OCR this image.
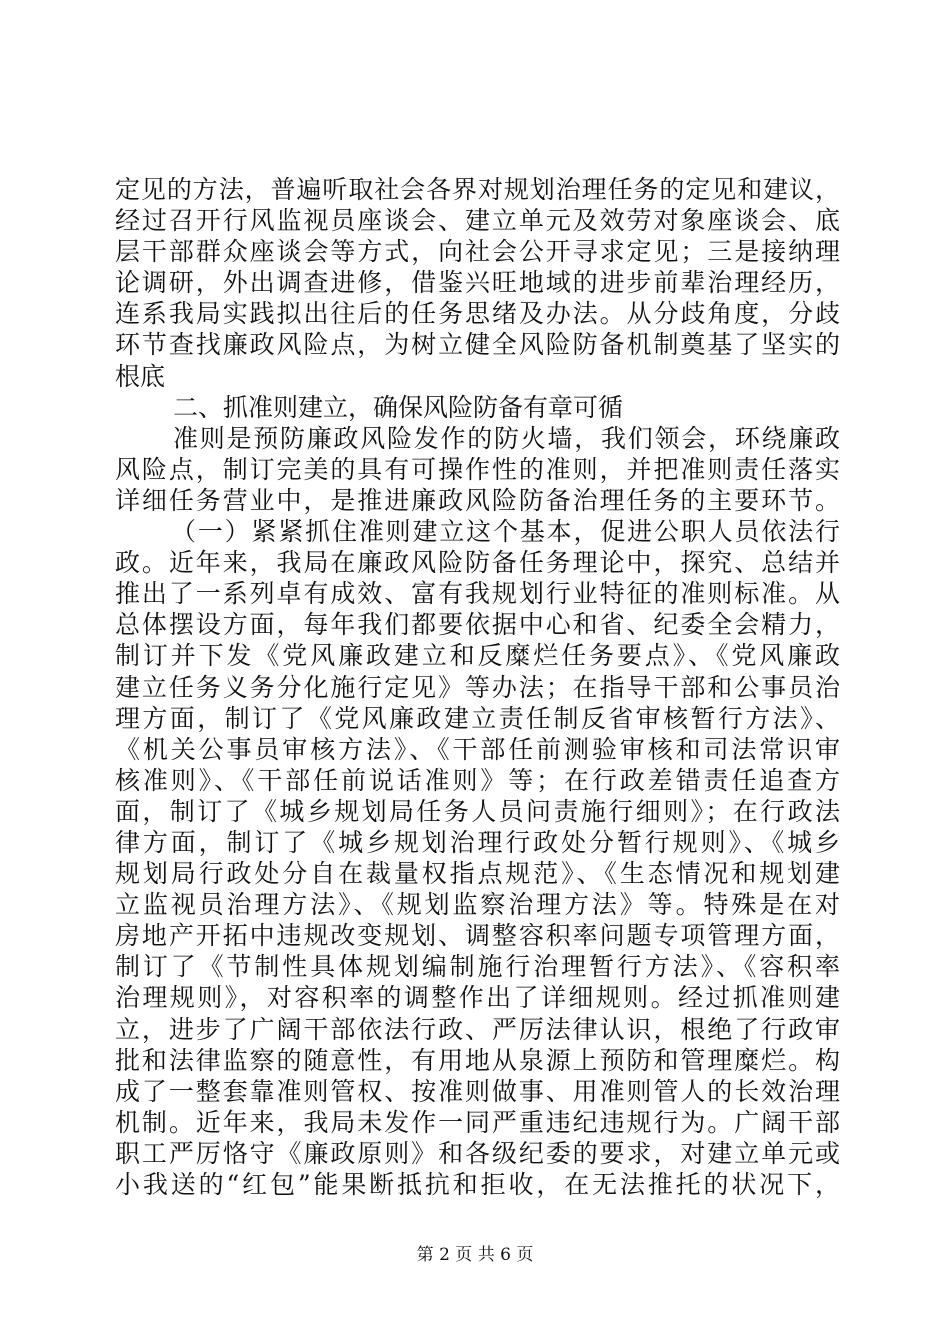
定见的方法，普遍听取社会各界对规划治理任务的定见和建议，
经过召开行风监视员座谈会、建立单元及效劳对象座谈会、底
层干部群众座谈会等方式，向社会公开寻求定见；三是接纳理
论调研，外出调查进修，借鉴兴旺地域的进步前辈治理经历，
连系我局实践拟出往后的任务思绪及办法。从分歧角度，分歧
环节查找廉政风险点，为树立健全风险防备机制奠基了坚实的
根底
二、抓准则建立，确保风险防备有章可循
准则是预防廉政风险发作的防火墙，我们领会，环绕廉政
风险点，制订完美的具有可操作性的准则，并把准则责任落实
详细任务营业中，是推进廉政风险防备治理任务的主要环节。
（一）紧紧抓住准则建立这个基本，促进公职人员依法行
政。近年来，我局在廉政风险防备任务理论中，探究、总结并
推出了一系列卓有成效、富有我规划行业特征的准则标准。从
总体摆设方面，每年我们都要依据中心和省、纪委全会精力，
制订并下发《党风廉政建立和反糜烂任务要点》、《党风廉政
建立任务义务分化施行定见》等办法；在指导干部和公事员治
理方面，制订了《党风廉政建立责任制反省审核暂行方法》、
《机关公事员审核方法》、《干部任前测验审核和司法常识审
核准则》、《干部任前说话准则》等；在行政差错责任追查方
面，制订了《城乡规划局任务人员问责施行细则》；在行政法
律方面，制订了《城乡规划治理行政处分暂行规则》、《城乡
规划局行政处分自在裁量权指点规范》、《生态情况和规划建
立监视员治理方法》、《规划监察治理方法》等。特殊是在对
房地产开拓中违规改变规划、调整容积率问题专项管理方面，
制订了《节制性具体规划编制施行治理暂行方法》、《容积率
治理规则》，对容积率的调整作出了详细规则。经过抓准则建
立，进步了广阔干部依法行政、严厉法律认识，根绝了行政审
批和法律监察的随意性，有用地从泉源上预防和管理糜烂。构
成了一整套靠准则管权、按准则做事、用准则管人的长效治理
机制。近年来，我局未发作一同严重违纪违规行为。广阔干部
职工严厉恪守《廉政原则》和各级纪委的要求，对建立单元或
小我送的“红包”能果断抵抗和拒收，在无法推托的状况下，
第 2 页 共 6 页
